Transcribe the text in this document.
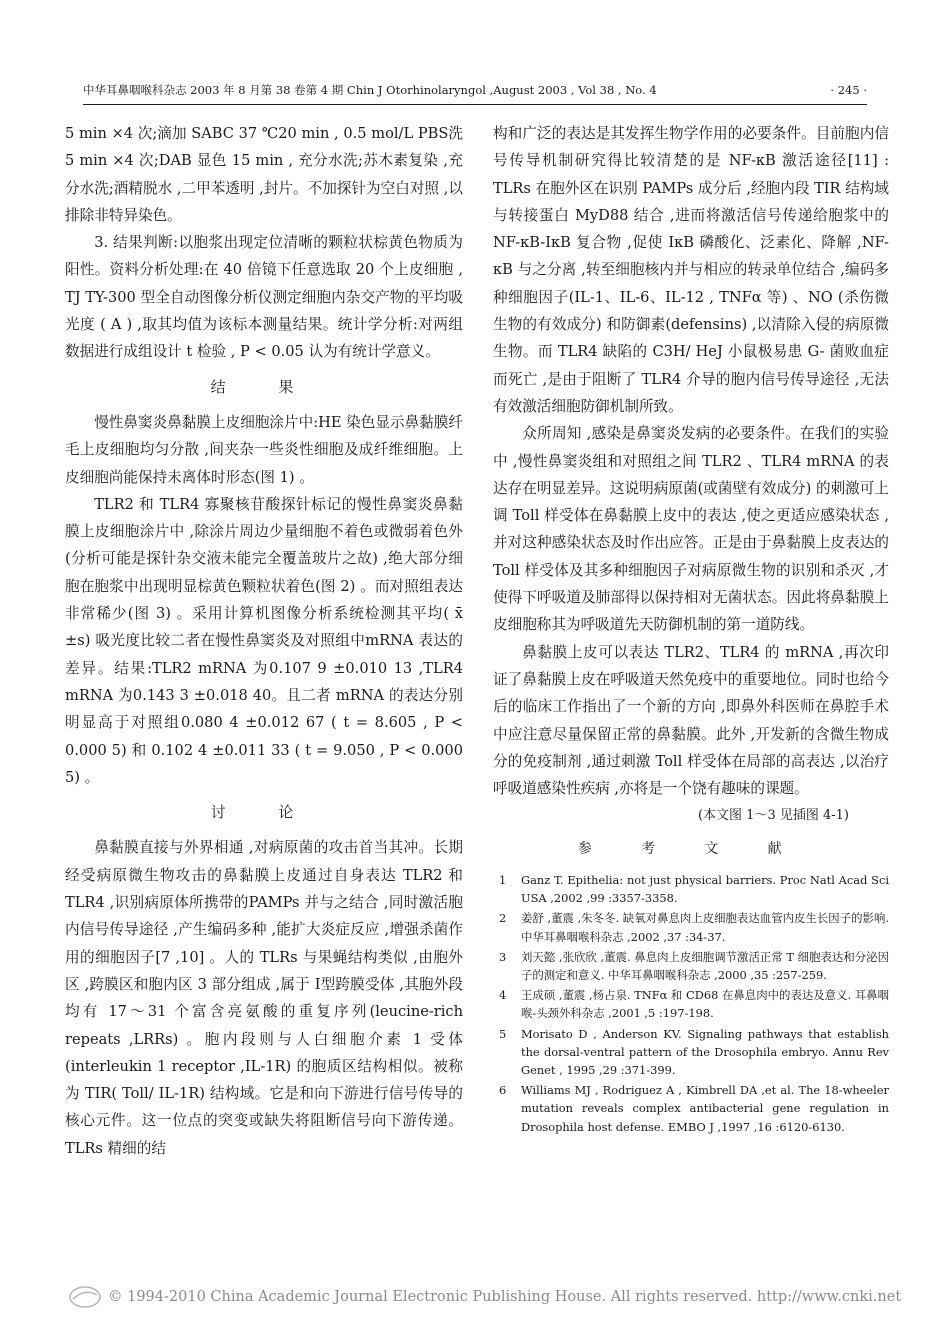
中华耳鼻咽喉科杂志 2003 年 8 月第 38 卷第 4 期 Chin J Otorhinolaryngol ,August 2003 , Vol 38 , No. 4	· 245 ·

5 min ×4 次;滴加 SABC 37 ℃20 min , 0.5 mol/L PBS洗5 min ×4 次;DAB 显色 15 min , 充分水洗;苏木素复染 ,充分水洗;酒精脱水 ,二甲苯透明 ,封片。不加探针为空白对照 ,以排除非特异染色。

3. 结果判断:以胞浆出现定位清晰的颗粒状棕黄色物质为阳性。资料分析处理:在 40 倍镜下任意选取 20 个上皮细胞 , TJ TY-300 型全自动图像分析仪测定细胞内杂交产物的平均吸光度 ( A ) ,取其均值为该标本测量结果。统计学分析:对两组数据进行成组设计 t 检验 , P < 0.05 认为有统计学意义。

结 果

慢性鼻窦炎鼻黏膜上皮细胞涂片中:HE 染色显示鼻黏膜纤毛上皮细胞均匀分散 ,间夹杂一些炎性细胞及成纤维细胞。上皮细胞尚能保持未离体时形态(图 1) 。

TLR2 和 TLR4 寡聚核苷酸探针标记的慢性鼻窦炎鼻黏膜上皮细胞涂片中 ,除涂片周边少量细胞不着色或微弱着色外(分析可能是探针杂交液未能完全覆盖玻片之故) ,绝大部分细胞在胞浆中出现明显棕黄色颗粒状着色(图 2) 。而对照组表达非常稀少(图 3) 。采用计算机图像分析系统检测其平均( x̄ ±s) 吸光度比较二者在慢性鼻窦炎及对照组中mRNA 表达的差异。结果:TLR2 mRNA 为0.107 9 ±0.010 13 ,TLR4 mRNA 为0.143 3 ±0.018 40。且二者 mRNA 的表达分别明显高于对照组0.080 4 ±0.012 67 ( t = 8.605 , P < 0.000 5) 和 0.102 4 ±0.011 33 ( t = 9.050 , P < 0.000 5) 。

讨 论

鼻黏膜直接与外界相通 ,对病原菌的攻击首当其冲。长期经受病原微生物攻击的鼻黏膜上皮通过自身表达 TLR2 和 TLR4 ,识别病原体所携带的PAMPs 并与之结合 ,同时激活胞内信号传导途径 ,产生编码多种 ,能扩大炎症反应 ,增强杀菌作用的细胞因子[7 ,10] 。人的 TLRs 与果蝇结构类似 ,由胞外区 ,跨膜区和胞内区 3 部分组成 ,属于 Ⅰ型跨膜受体 ,其胞外段均有 17～31 个富含亮氨酸的重复序列(leucine-rich repeats ,LRRs) 。胞内段则与人白细胞介素 1 受体(interleukin 1 receptor ,IL-1R) 的胞质区结构相似。被称为 TIR( Toll/ IL-1R) 结构域。它是和向下游进行信号传导的核心元件。这一位点的突变或缺失将阻断信号向下游传递。TLRs 精细的结

构和广泛的表达是其发挥生物学作用的必要条件。目前胞内信号传导机制研究得比较清楚的是 NF-κB 激活途径[11] : TLRs 在胞外区在识别 PAMPs 成分后 ,经胞内段 TIR 结构域与转接蛋白 MyD88 结合 ,进而将激活信号传递给胞浆中的 NF-κB-IκB 复合物 ,促使 IκB 磷酸化、泛素化、降解 ,NF-κB 与之分离 ,转至细胞核内并与相应的转录单位结合 ,编码多种细胞因子(IL-1、IL-6、IL-12 , TNFα 等) 、NO (杀伤微生物的有效成分) 和防御素(defensins) ,以清除入侵的病原微生物。而 TLR4 缺陷的 C3H/ HeJ 小鼠极易患 G- 菌败血症而死亡 ,是由于阻断了 TLR4 介导的胞内信号传导途径 ,无法有效激活细胞防御机制所致。

众所周知 ,感染是鼻窦炎发病的必要条件。在我们的实验中 ,慢性鼻窦炎组和对照组之间 TLR2 、TLR4 mRNA 的表达存在明显差异。这说明病原菌(或菌壁有效成分) 的刺激可上调 Toll 样受体在鼻黏膜上皮中的表达 ,使之更适应感染状态 ,并对这种感染状态及时作出应答。正是由于鼻黏膜上皮表达的 Toll 样受体及其多种细胞因子对病原微生物的识别和杀灭 ,才使得下呼吸道及肺部得以保持相对无菌状态。因此将鼻黏膜上皮细胞称其为呼吸道先天防御机制的第一道防线。

鼻黏膜上皮可以表达 TLR2、TLR4 的 mRNA ,再次印证了鼻黏膜上皮在呼吸道天然免疫中的重要地位。同时也给今后的临床工作指出了一个新的方向 ,即鼻外科医师在鼻腔手术中应注意尽量保留正常的鼻黏膜。此外 ,开发新的含微生物成分的免疫制剂 ,通过刺激 Toll 样受体在局部的高表达 ,以治疗呼吸道感染性疾病 ,亦将是一个饶有趣味的课题。

(本文图 1～3 见插图 4-1)
参 考 文 献
1	Ganz T. Epithelia: not just physical barriers. Proc Natl Acad Sci USA ,2002 ,99 :3357-3358.
2	姜舒 ,董震 ,朱冬冬. 缺氧对鼻息肉上皮细胞表达血管内皮生长因子的影响. 中华耳鼻咽喉科杂志 ,2002 ,37 :34-37.
3	刘天懿 ,张欣欣 ,董震. 鼻息肉上皮细胞调节激活正常 T 细胞表达和分泌因子的测定和意义. 中华耳鼻咽喉科杂志 ,2000 ,35 :257-259.
4	王成硕 ,董震 ,杨占泉. TNFα 和 CD68 在鼻息肉中的表达及意义. 耳鼻咽喉-头颈外科杂志 ,2001 ,5 :197-198.
5	Morisato D , Anderson KV. Signaling pathways that establish the dorsal-ventral pattern of the Drosophila embryo. Annu Rev Genet , 1995 ,29 :371-399.
6	Williams MJ , Rodriguez A , Kimbrell DA ,et al. The 18-wheeler mutation reveals complex antibacterial gene regulation in Drosophila host defense. EMBO J ,1997 ,16 :6120-6130.
© 1994-2010 China Academic Journal Electronic Publishing House. All rights reserved. http://www.cnki.net
